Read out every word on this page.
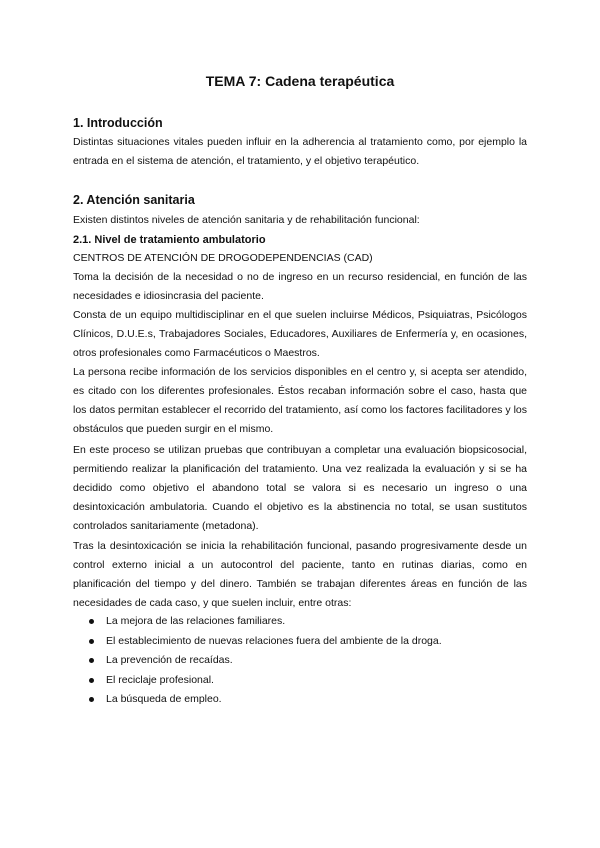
TEMA 7: Cadena terapéutica
1. Introducción

Distintas situaciones vitales pueden influir en la adherencia al tratamiento como, por ejemplo la entrada en el sistema de atención, el tratamiento, y el objetivo terapéutico.

2. Atención sanitaria

Existen distintos niveles de atención sanitaria y de rehabilitación funcional:

2.1. Nivel de tratamiento ambulatorio

CENTROS DE ATENCIÓN DE DROGODEPENDENCIAS (CAD)

Toma la decisión de la necesidad o no de ingreso en un recurso residencial, en función de las necesidades e idiosincrasia del paciente.

Consta de un equipo multidisciplinar en el que suelen incluirse Médicos, Psiquiatras, Psicólogos Clínicos, D.U.E.s, Trabajadores Sociales, Educadores, Auxiliares de Enfermería y, en ocasiones, otros profesionales como Farmacéuticos o Maestros.

La persona recibe información de los servicios disponibles en el centro y, si acepta ser atendido, es citado con los diferentes profesionales. Éstos recaban información sobre el caso, hasta que los datos permitan establecer el recorrido del tratamiento, así como los factores facilitadores y los obstáculos que pueden surgir en el mismo.

En este proceso se utilizan pruebas que contribuyan a completar una evaluación biopsicosocial, permitiendo realizar la planificación del tratamiento. Una vez realizada la evaluación y si se ha decidido como objetivo el abandono total se valora si es necesario un ingreso o una desintoxicación ambulatoria. Cuando el objetivo es la abstinencia no total, se usan sustitutos controlados sanitariamente (metadona).

Tras la desintoxicación se inicia la rehabilitación funcional, pasando progresivamente desde un control externo inicial a un autocontrol del paciente, tanto en rutinas diarias, como en planificación del tiempo y del dinero. También se trabajan diferentes áreas en función de las necesidades de cada caso, y que suelen incluir, entre otras:

La mejora de las relaciones familiares.
El establecimiento de nuevas relaciones fuera del ambiente de la droga.
La prevención de recaídas.
El reciclaje profesional.
La búsqueda de empleo.
